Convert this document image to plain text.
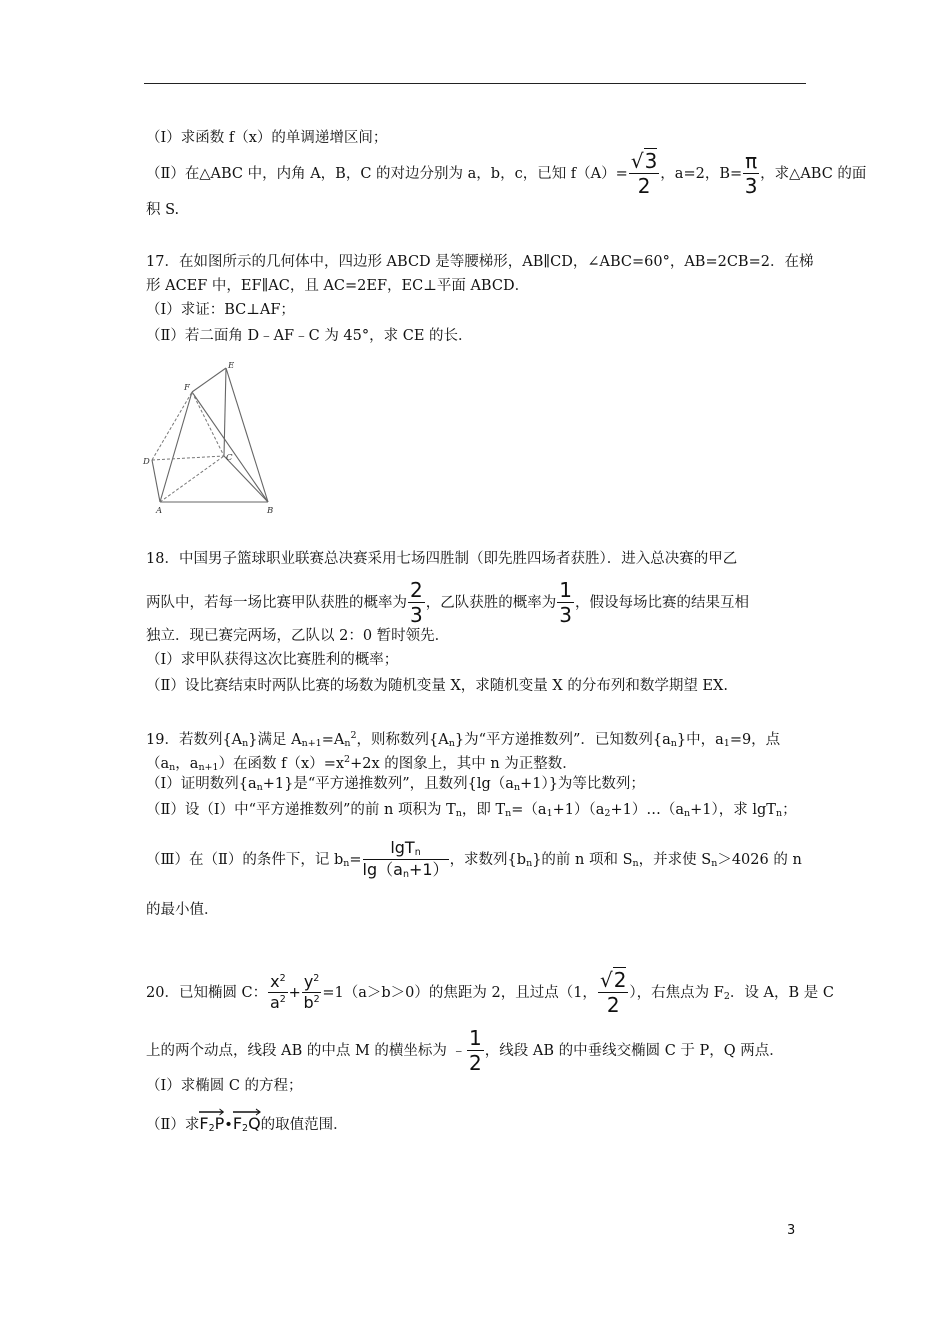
（Ⅰ）求函数 f（x）的单调递增区间；
（Ⅱ）在△ABC 中，内角 A，B，C 的对边分别为 a，b，c，已知 $f(A)= \frac{√3}{2}$ ，a=2，$B= \frac{\pi}{3}$ ，求△ABC 的面
积 S.
17．在如图所示的几何体中，四边形 ABCD 是等腰梯形，AB∥CD，∠ABC=60°，AB=2CB=2．在梯
形 ACEF 中，EF∥AC，且 AC=2EF，EC⊥平面 ABCD．
（Ⅰ）求证：BC⊥AF；
（Ⅱ）若二面角 D﹣AF﹣C 为 45°，求 CE 的长．
E
F
D	C
A	B
18．中国男子篮球职业联赛总决赛采用七场四胜制（即先胜四场者获胜）．进入总决赛的甲乙
两队中，若每一场比赛甲队获胜的概率为 $\frac{2}{3}$ ，乙队获胜的概率为 $\frac{1}{3}$ ，假设每场比赛的结果互相
独立．现已赛完两场，乙队以 2：0 暂时领先．
（Ⅰ）求甲队获得这次比赛胜利的概率；
（Ⅱ）设比赛结束时两队比赛的场数为随机变量 X，求随机变量 X 的分布列和数学期望 EX.
19．若数列$\{A_n\}$满足 $A_{n+1}=A_n^2$，则称数列$\{A_n\}$为“平方递推数列”．已知数列$\{a_n\}$中，$a_1=9$，点
（$a_n$，$a_{n+1}$）在函数 $f(x)=x^2+2x$ 的图象上，其中 n 为正整数．
（Ⅰ）证明数列$\{a_n+1\}$是“平方递推数列”，且数列$\{\lg(a_n+1)\}$为等比数列；
（Ⅱ）设（Ⅰ）中“平方递推数列”的前 n 项积为 $T_n$，即 $T_n=(a_1+1)(a_2+1)\dots(a_n+1)$，求 lgT$_n$；
（Ⅲ）在（Ⅱ）的条件下，记 $b_n= \frac{\lg T_n}{\lg(a_n+1)}$ ，求数列$\{b_n\}$的前 n 项和 $S_n$，并求使 $S_n>4026$ 的 n
的最小值．
20．已知椭圆 C： $\frac{x^2}{a^2} + \frac{y^2}{b^2} =1(a>b>0)$的焦距为 2，且过点（1， $\frac{√2}{2}$ ），右焦点为 $F_2$．设 A，B 是 C
上的两个动点，线段 AB 的中点 M 的横坐标为 ﹣ $\frac{1}{2}$ ，线段 AB 的中垂线交椭圆 C 于 P，Q 两点．
（Ⅰ）求椭圆 C 的方程；
（Ⅱ）求
$F_2P•$
$F_2Q$的取值范围．
3
